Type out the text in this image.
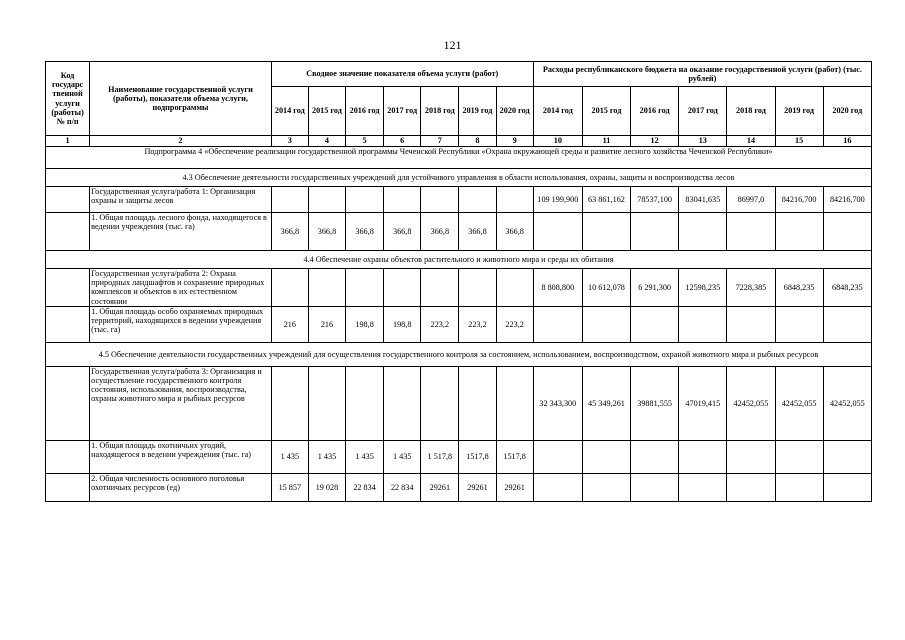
121
Код государс твенной услуги (работы) № п/п	Наименование государственной услуги (работы), показатели объема услуги, подпрограммы	Сводное значение показателя объема услуги (работ)							Расходы республиканского бюджета на оказание государственной услуги (работ) (тыс. рублей)						
		2014 год	2015 год	2016 год	2017 год	2018 год	2019 год	2020 год	2014 год	2015 год	2016 год	2017 год	2018 год	2019 год	2020 год
1	2	3	4	5	6	7	8	9	10	11	12	13	14	15	16
Подпрограмма 4 «Обеспечение реализации государственной программы Чеченской Республики «Охрана окружающей среды и развитие лесного хозяйства Чеченской Республики»															
4.3 Обеспечение деятельности государственных учреждений для устойчивого управления в области использования, охраны, защиты и воспроизводства лесов															
	Государственная услуга/работа 1: Организация охраны и защиты лесов								109 199,900	63 861,162	78537,100	83041,635	86997,0	84216,700	84216,700
	1. Общая площадь лесного фонда, находящегося в ведении учреждения (тыс. га)	366,8	366,8	366,8	366,8	366,8	366,8	366,8							
4.4 Обеспечение охраны объектов растительного и животного мира и среды их обитания															
	Государственная услуга/работа 2: Охрана природных ландшафтов и сохранение природных комплексов и объектов в их естественном состоянии								8 808,800	10 612,078	6 291,300	12598,235	7228,385	6848,235	6848,235
	1. Общая площадь особо охраняемых природных территорий, находящихся в ведении учреждения (тыс. га)	216	216	198,8	198,8	223,2	223,2	223,2							
4.5 Обеспечение деятельности государственных учреждений для осуществления государственного контроля за состоянием, использованием, воспроизводством, охраной животного мира и рыбных ресурсов															
	Государственная услуга/работа 3: Организация и осуществление государственного контроля состояния, использования, воспроизводства, охраны животного мира и рыбных ресурсов								32 343,300	45 349,261	39881,555	47019,415	42452,055	42452,055	42452,055
	1. Общая площадь охотничьих угодий, находящегося в ведении учреждения (тыс. га)	1 435	1 435	1 435	1 435	1 517,8	1517,8	1517,8							
	2. Общая численность основного поголовья охотничьих ресурсов (ед)	15 857	19 028	22 834	22 834	29261	29261	29261							
